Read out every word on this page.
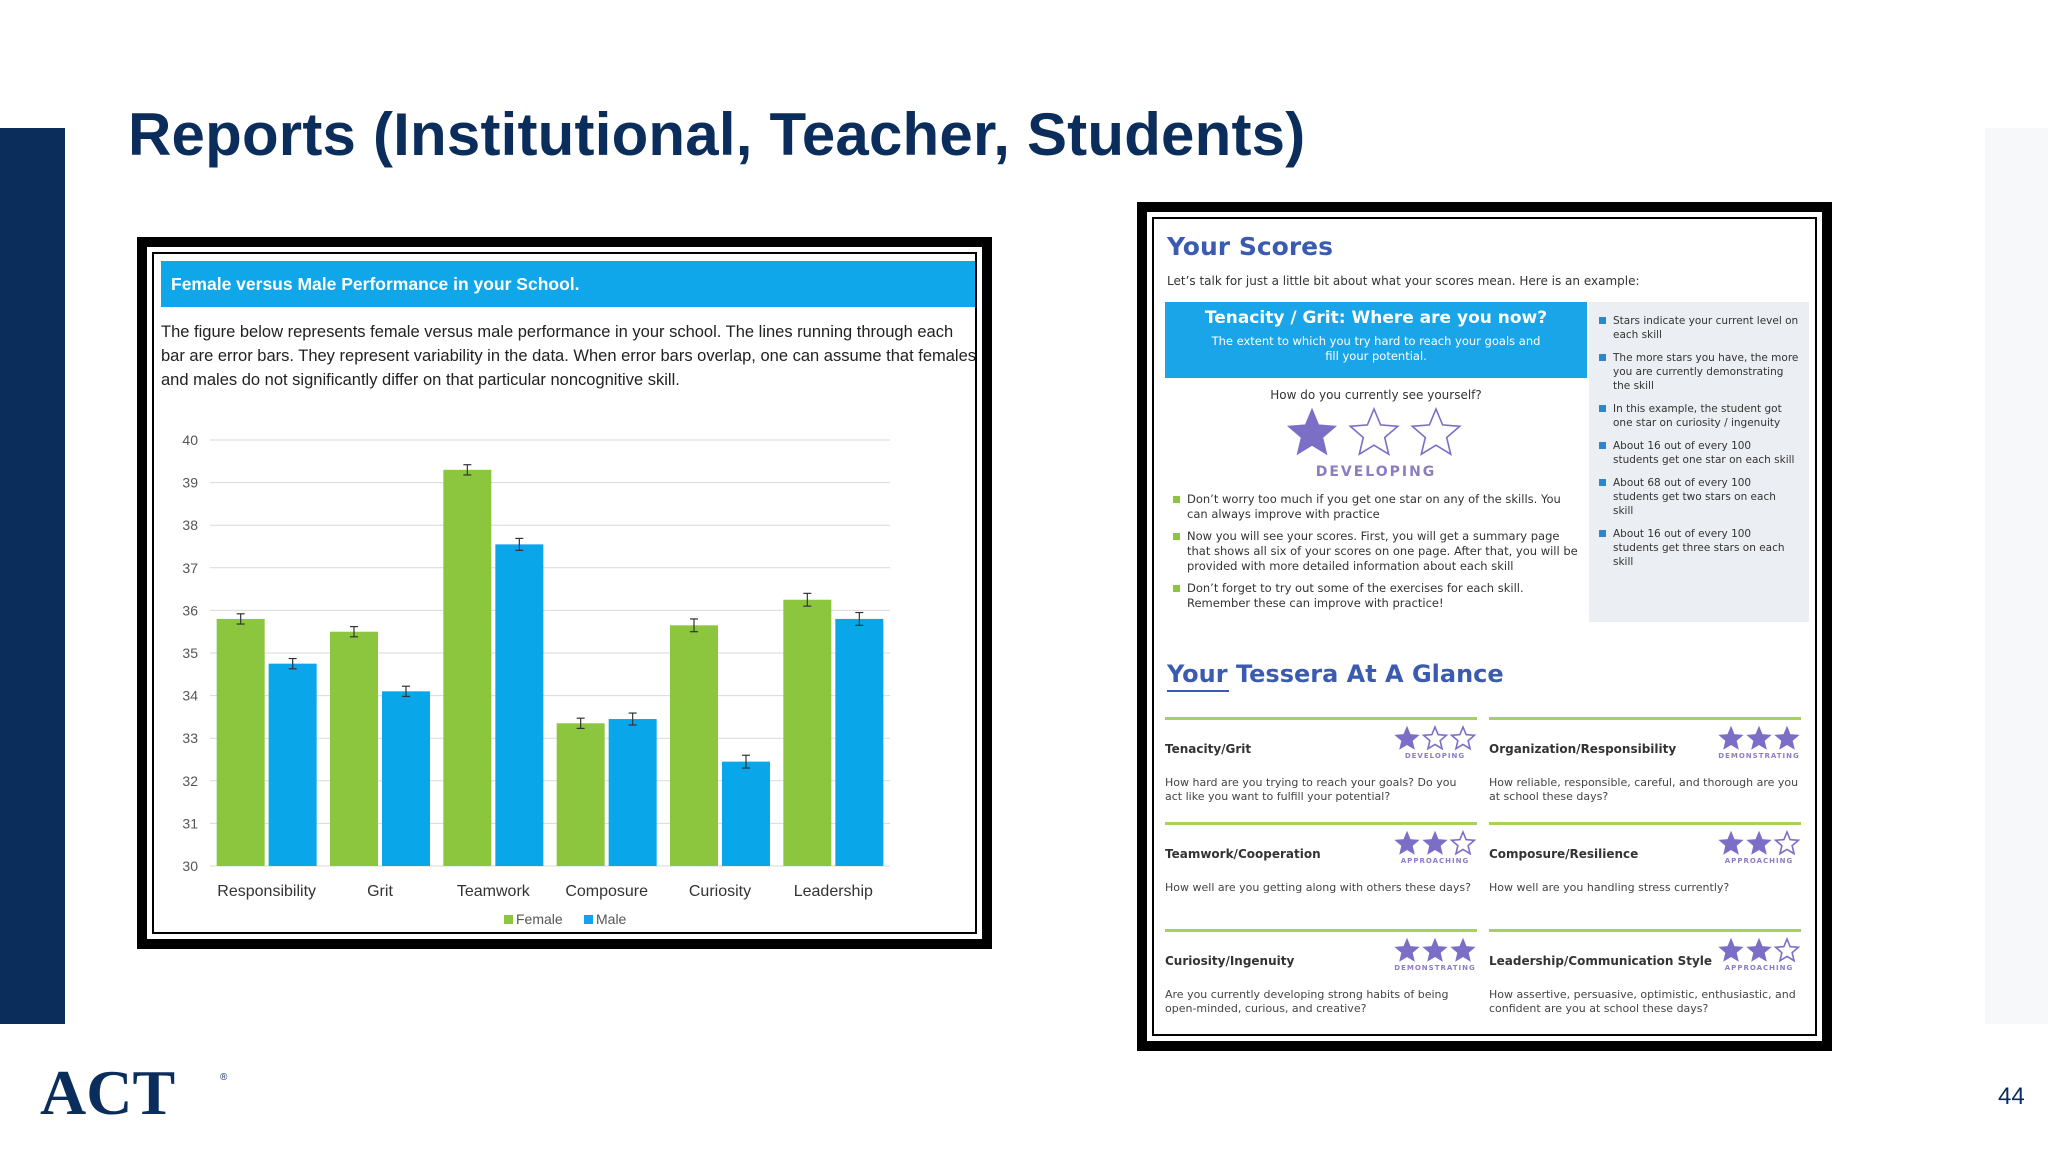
Reports (Institutional, Teacher, Students)
Female versus Male Performance in your School.

The figure below represents female versus male performance in your school. The lines running through each bar are error bars. They represent variability in the data. When error bars overlap, one can assume that females and males do not significantly differ on that particular noncognitive skill.

30
31
32
33
34
35
36
37
38
39
40
Responsibility	Grit	Teamwork Composure	Curiosity	Leadership
Female Male
Your Scores
Let’s talk for just a little bit about what your scores mean. Here is an example:
Tenacity / Grit: Where are you now?
The extent to which you try hard to reach your goals and fill your potential.
How do you currently see yourself?
DEVELOPING
Don’t worry too much if you get one star on any of the skills. You can always improve with practice
Now you will see your scores. First, you will get a summary page that shows all six of your scores on one page. After that, you will be provided with more detailed information about each skill
Don’t forget to try out some of the exercises for each skill. Remember these can improve with practice!
Stars indicate your current level on each skill
The more stars you have, the more you are currently demonstrating the skill
In this example, the student got one star on curiosity / ingenuity
About 16 out of every 100 students get one star on each skill
About 68 out of every 100 students get two stars on each skill
About 16 out of every 100 students get three stars on each skill
Your Tessera At A Glance
Tenacity/Grit	DEVELOPING
How hard are you trying to reach your goals? Do you act like you want to fulfill your potential?
Organization/Responsibility	DEMONSTRATING
How reliable, responsible, careful, and thorough are you at school these days?
Teamwork/Cooperation	APPROACHING
How well are you getting along with others these days?
Composure/Resilience	APPROACHING
How well are you handling stress currently?
Curiosity/Ingenuity	DEMONSTRATING
Are you currently developing strong habits of being open-minded, curious, and creative?
Leadership/Communication Style APPROACHING
How assertive, persuasive, optimistic, enthusiastic, and confident are you at school these days?
ACT	®
44
